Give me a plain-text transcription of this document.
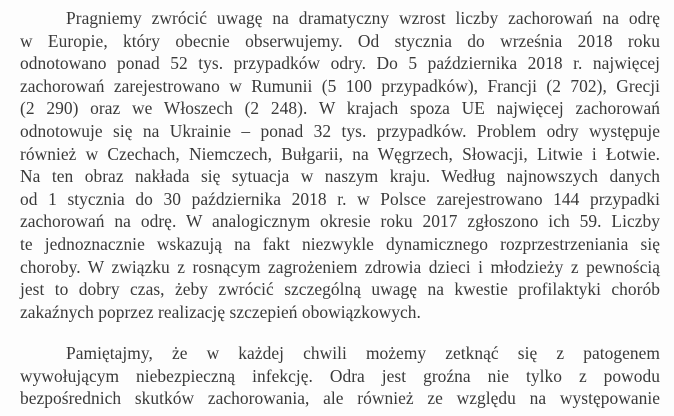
Pragniemy zwrócić uwagę na dramatyczny wzrost liczby zachorowań na odrę
w Europie, który obecnie obserwujemy. Od stycznia do września 2018 roku
odnotowano ponad 52 tys. przypadków odry. Do 5 października 2018 r. najwięcej
zachorowań zarejestrowano w Rumunii (5 100 przypadków), Francji (2 702), Grecji
(2 290) oraz we Włoszech (2 248). W krajach spoza UE najwięcej zachorowań
odnotowuje się na Ukrainie – ponad 32 tys. przypadków. Problem odry występuje
również w Czechach, Niemczech, Bułgarii, na Węgrzech, Słowacji, Litwie i Łotwie.
Na ten obraz nakłada się sytuacja w naszym kraju. Według najnowszych danych
od 1 stycznia do 30 października 2018 r. w Polsce zarejestrowano 144 przypadki
zachorowań na odrę. W analogicznym okresie roku 2017 zgłoszono ich 59. Liczby
te jednoznacznie wskazują na fakt niezwykle dynamicznego rozprzestrzeniania się
choroby. W związku z rosnącym zagrożeniem zdrowia dzieci i młodzieży z pewnością
jest to dobry czas, żeby zwrócić szczególną uwagę na kwestie profilaktyki chorób
zakaźnych poprzez realizację szczepień obowiązkowych.
Pamiętajmy, że w każdej chwili możemy zetknąć się z patogenem
wywołującym niebezpieczną infekcję. Odra jest groźna nie tylko z powodu
bezpośrednich skutków zachorowania, ale również ze względu na występowanie
